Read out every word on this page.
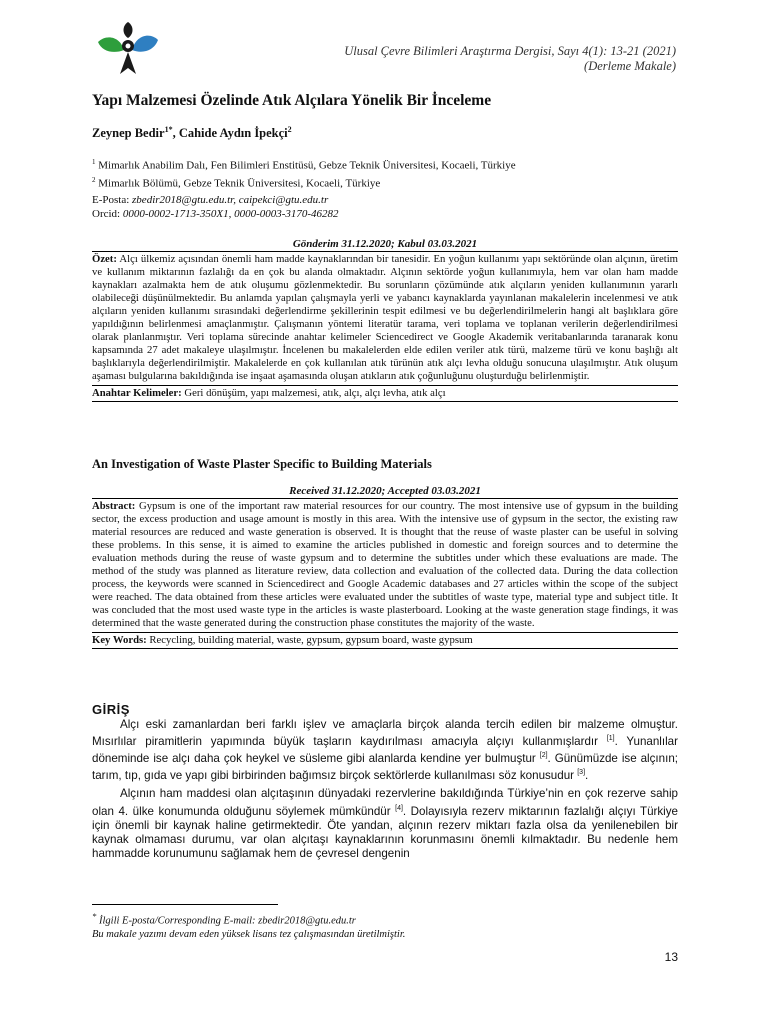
Ulusal Çevre Bilimleri Araştırma Dergisi, Sayı 4(1): 13-21 (2021)
(Derleme Makale)
Yapı Malzemesi Özelinde Atık Alçılara Yönelik Bir İnceleme
Zeynep Bedir$^{1*}$, Cahide Aydın İpekçi$^2$
$^1$ Mimarlık Anabilim Dalı, Fen Bilimleri Enstitüsü, Gebze Teknik Üniversitesi, Kocaeli, Türkiye
$^2$ Mimarlık Bölümü, Gebze Teknik Üniversitesi, Kocaeli, Türkiye
E-Posta: zbedir2018@gtu.edu.tr, caipekci@gtu.edu.tr
Orcid: 0000-0002-1713-350X1, 0000-0003-3170-46282
Gönderim 31.12.2020; Kabul 03.03.2021
Özet: Alçı ülkemiz açısından önemli ham madde kaynaklarından bir tanesidir. En yoğun kullanımı yapı sektöründe olan alçının, üretim ve kullanım miktarının fazlalığı da en çok bu alanda olmaktadır. Alçının sektörde yoğun kullanımıyla, hem var olan ham madde kaynakları azalmakta hem de atık oluşumu gözlenmektedir. Bu sorunların çözümünde atık alçıların yeniden kullanımının yararlı olabileceği düşünülmektedir. Bu anlamda yapılan çalışmayla yerli ve yabancı kaynaklarda yayınlanan makalelerin incelenmesi ve atık alçıların yeniden kullanımı sırasındaki değerlendirme şekillerinin tespit edilmesi ve bu değerlendirilmelerin hangi alt başlıklara göre yapıldığının belirlenmesi amaçlanmıştır. Çalışmanın yöntemi literatür tarama, veri toplama ve toplanan verilerin değerlendirilmesi olarak planlanmıştır. Veri toplama sürecinde anahtar kelimeler Sciencedirect ve Google Akademik veritabanlarında taranarak konu kapsamında 27 adet makaleye ulaşılmıştır. İncelenen bu makalelerden elde edilen veriler atık türü, malzeme türü ve konu başlığı alt başlıklarıyla değerlendirilmiştir. Makalelerde en çok kullanılan atık türünün atık alçı levha olduğu sonucuna ulaşılmıştır. Atık oluşum aşaması bulgularına bakıldığında ise inşaat aşamasında oluşan atıkların atık çoğunluğunu oluşturduğu belirlenmiştir.
Anahtar Kelimeler: Geri dönüşüm, yapı malzemesi, atık, alçı, alçı levha, atık alçı
An Investigation of Waste Plaster Specific to Building Materials
Received 31.12.2020; Accepted 03.03.2021
Abstract: Gypsum is one of the important raw material resources for our country. The most intensive use of gypsum in the building sector, the excess production and usage amount is mostly in this area. With the intensive use of gypsum in the sector, the existing raw material resources are reduced and waste generation is observed. It is thought that the reuse of waste plaster can be useful in solving these problems. In this sense, it is aimed to examine the articles published in domestic and foreign sources and to determine the evaluation methods during the reuse of waste gypsum and to determine the subtitles under which these evaluations are made. The method of the study was planned as literature review, data collection and evaluation of the collected data. During the data collection process, the keywords were scanned in Sciencedirect and Google Academic databases and 27 articles within the scope of the subject were reached. The data obtained from these articles were evaluated under the subtitles of waste type, material type and subject title. It was concluded that the most used waste type in the articles is waste plasterboard. Looking at the waste generation stage findings, it was determined that the waste generated during the construction phase constitutes the majority of the waste.
Key Words: Recycling, building material, waste, gypsum, gypsum board, waste gypsum
GİRİŞ

Alçı eski zamanlardan beri farklı işlev ve amaçlarla birçok alanda tercih edilen bir malzeme olmuştur. Mısırlılar piramitlerin yapımında büyük taşların kaydırılması amacıyla alçıyı kullanmışlardır [1]. Yunanlılar döneminde ise alçı daha çok heykel ve süsleme gibi alanlarda kendine yer bulmuştur [2]. Günümüzde ise alçının; tarım, tıp, gıda ve yapı gibi birbirinden bağımsız birçok sektörlerde kullanılması söz konusudur [3].

Alçının ham maddesi olan alçıtaşının dünyadaki rezervlerine bakıldığında Türkiye’nin en çok rezerve sahip olan 4. ülke konumunda olduğunu söylemek mümkündür [4]. Dolayısıyla rezerv miktarının fazlalığı alçıyı Türkiye için önemli bir kaynak haline getirmektedir. Öte yandan, alçının rezerv miktarı fazla olsa da yenilenebilen bir kaynak olmaması durumu, var olan alçıtaşı kaynaklarının korunmasını önemli kılmaktadır. Bu nedenle hem hammadde korunumunu sağlamak hem de çevresel dengenin

* İlgili E-posta/Corresponding E-mail: zbedir2018@gtu.edu.tr
Bu makale yazımı devam eden yüksek lisans tez çalışmasından üretilmiştir.
13
